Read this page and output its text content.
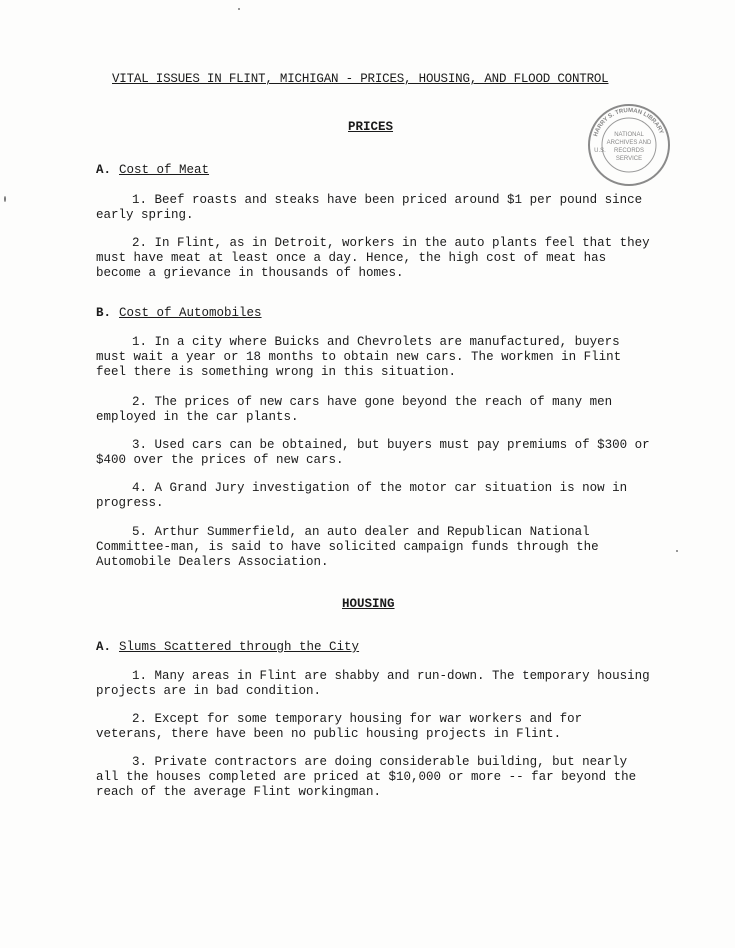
VITAL ISSUES IN FLINT, MICHIGAN - PRICES, HOUSING, AND FLOOD CONTROL
NATIONAL
ARCHIVES AND
RECORDS
SERVICE
U.S.
HARRY S. TRUMAN LIBRARY
PRICES
A. Cost of Meat
1. Beef roasts and steaks have been priced around $1 per pound since early spring.
2. In Flint, as in Detroit, workers in the auto plants feel that they must have meat at least once a day. Hence, the high cost of meat has become a grievance in thousands of homes.
B. Cost of Automobiles
1. In a city where Buicks and Chevrolets are manufactured, buyers must wait a year or 18 months to obtain new cars. The workmen in Flint feel there is something wrong in this situation.
2. The prices of new cars have gone beyond the reach of many men employed in the car plants.
3. Used cars can be obtained, but buyers must pay premiums of $300 or $400 over the prices of new cars.
4. A Grand Jury investigation of the motor car situation is now in progress.
5. Arthur Summerfield, an auto dealer and Republican National Committee-man, is said to have solicited campaign funds through the Automobile Dealers Association.
HOUSING
A. Slums Scattered through the City
1. Many areas in Flint are shabby and run-down. The temporary housing projects are in bad condition.
2. Except for some temporary housing for war workers and for veterans, there have been no public housing projects in Flint.
3. Private contractors are doing considerable building, but nearly all the houses completed are priced at $10,000 or more -- far beyond the reach of the average Flint workingman.
